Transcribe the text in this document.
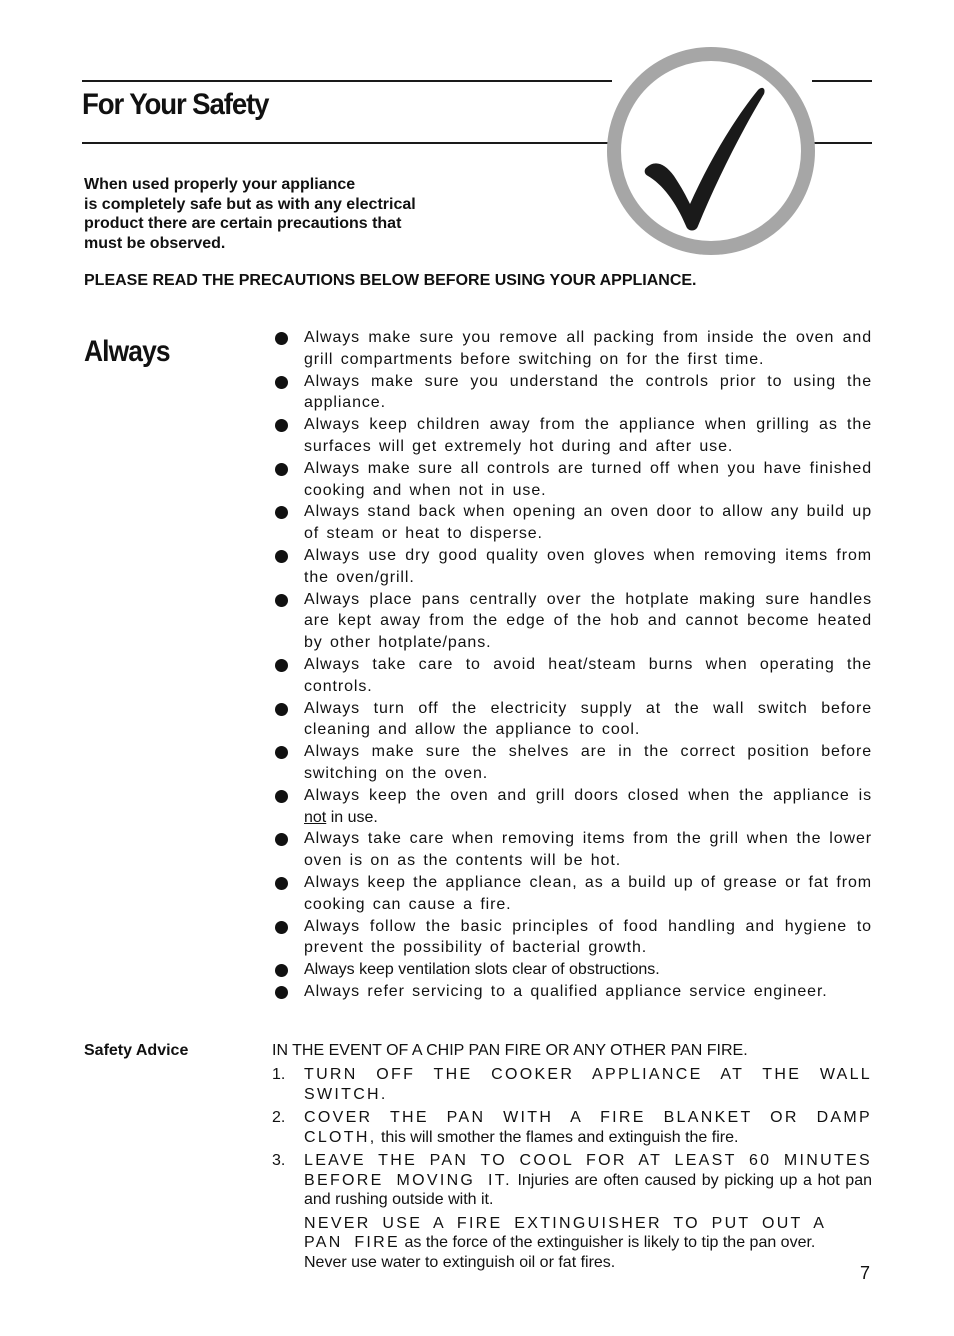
For Your Safety
When used properly your appliance
is completely safe but as with any electrical
product there are certain precautions that
must be observed.
PLEASE READ THE PRECAUTIONS BELOW BEFORE USING YOUR APPLIANCE.
Always	Always make sure you remove all packing from inside the oven and grill compartments before switching on for the first time.
Always make sure you understand the controls prior to using the appliance.
Always keep children away from the appliance when grilling as the surfaces will get extremely hot during and after use.
Always make sure all controls are turned off when you have finished cooking and when not in use.
Always stand back when opening an oven door to allow any build up of steam or heat to disperse.
Always use dry good quality oven gloves when removing items from the oven/grill.
Always place pans centrally over the hotplate making sure handles are kept away from the edge of the hob and cannot become heated by other hotplate/pans.
Always take care to avoid heat/steam burns when operating the controls.
Always turn off the electricity supply at the wall switch before cleaning and allow the appliance to cool.
Always make sure the shelves are in the correct position before switching on the oven.
Always keep the oven and grill doors closed when the appliance is not in use.
Always take care when removing items from the grill when the lower oven is on as the contents will be hot.
Always keep the appliance clean, as a build up of grease or fat from cooking can cause a fire.
Always follow the basic principles of food handling and hygiene to prevent the possibility of bacterial growth.
Always keep ventilation slots clear of obstructions.
Always refer servicing to a qualified appliance service engineer.
Safety Advice	IN THE EVENT OF A CHIP PAN FIRE OR ANY OTHER PAN FIRE.
1. TURN OFF THE COOKER APPLIANCE AT THE WALL SWITCH.
2. COVER THE PAN WITH A FIRE BLANKET OR DAMP CLOTH, this will smother the flames and extinguish the fire.
3. LEAVE THE PAN TO COOL FOR AT LEAST 60 MINUTES BEFORE MOVING IT. Injuries are often caused by picking up a hot pan and rushing outside with it.
NEVER USE A FIRE EXTINGUISHER TO PUT OUT A PAN FIRE as the force of the extinguisher is likely to tip the pan over.
Never use water to extinguish oil or fat fires.
7
